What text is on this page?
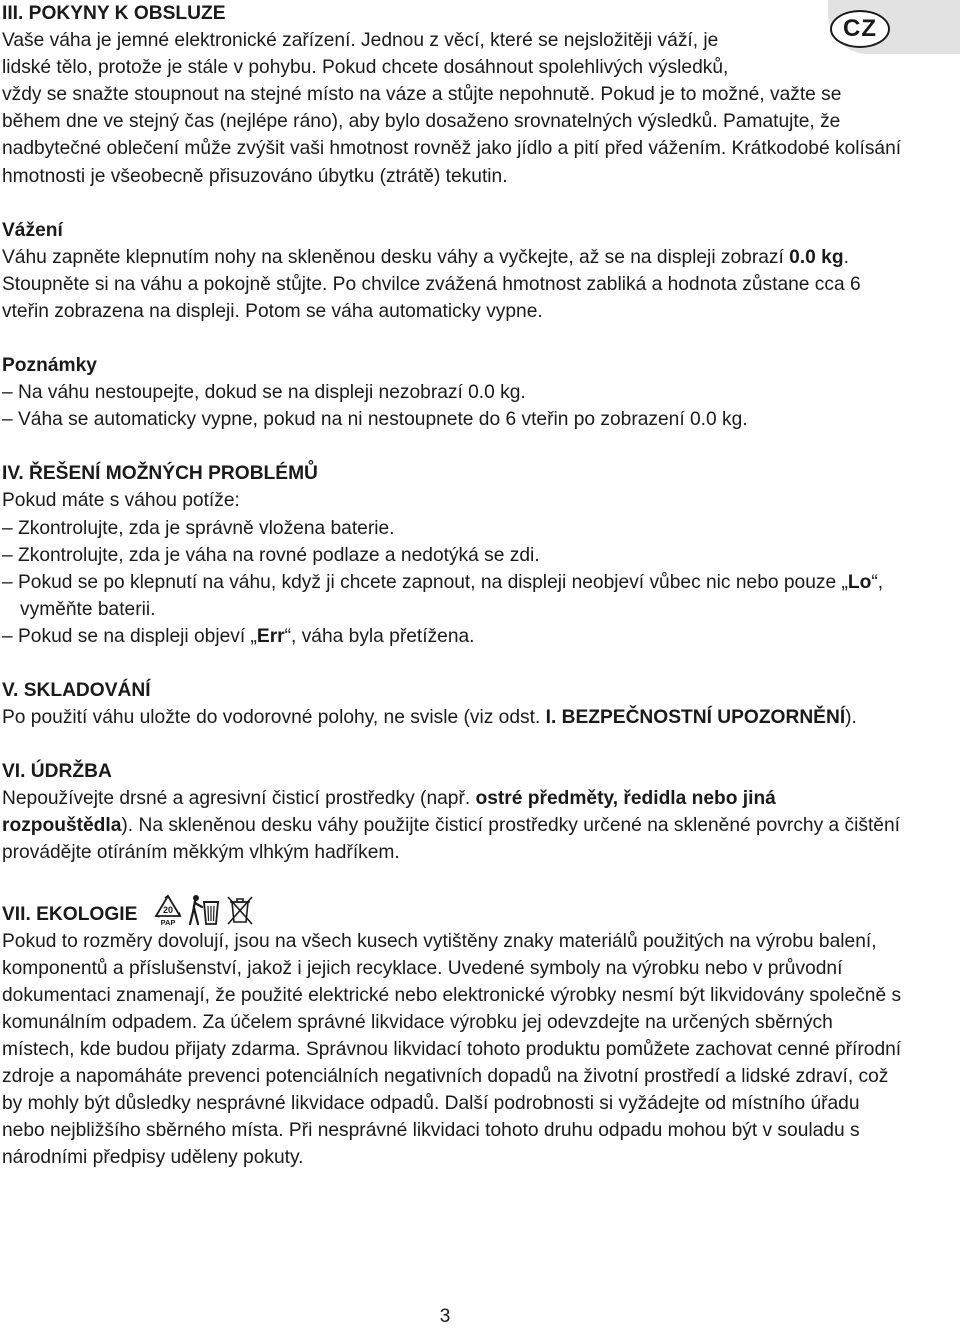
CZ
III. POKYNY K OBSLUZE
Vaše váha je jemné elektronické zařízení. Jednou z věcí, které se nejsložitěji váží, je
lidské tělo, protože je stále v pohybu. Pokud chcete dosáhnout spolehlivých výsledků,
vždy se snažte stoupnout na stejné místo na váze a stůjte nepohnutě. Pokud je to možné, važte se během dne ve stejný čas (nejlépe ráno), aby bylo dosaženo srovnatelných výsledků. Pamatujte, že nadbytečné oblečení může zvýšit vaši hmotnost rovněž jako jídlo a pití před vážením. Krátkodobé kolísání hmotnosti je všeobecně přisuzováno úbytku (ztrátě) tekutin.
Vážení
Váhu zapněte klepnutím nohy na skleněnou desku váhy a vyčkejte, až se na displeji zobrazí 0.0 kg.
Stoupněte si na váhu a pokojně stůjte. Po chvilce zvážená hmotnost zabliká a hodnota zůstane cca 6 vteřin zobrazena na displeji. Potom se váha automaticky vypne.
Poznámky
– Na váhu nestoupejte, dokud se na displeji nezobrazí 0.0 kg.
– Váha se automaticky vypne, pokud na ni nestoupnete do 6 vteřin po zobrazení 0.0 kg.
IV. ŘEŠENÍ MOŽNÝCH PROBLÉMŮ
Pokud máte s váhou potíže:
– Zkontrolujte, zda je správně vložena baterie.
– Zkontrolujte, zda je váha na rovné podlaze a nedotýká se zdi.
– Pokud se po klepnutí na váhu, když ji chcete zapnout, na displeji neobjeví vůbec nic nebo pouze „Lo“, vyměňte baterii.
– Pokud se na displeji objeví „Err“, váha byla přetížena.
V. SKLADOVÁNÍ
Po použití váhu uložte do vodorovné polohy, ne svisle (viz odst. I. BEZPEČNOSTNÍ UPOZORNĚNÍ).
VI. ÚDRŽBA
Nepoužívejte drsné a agresivní čisticí prostředky (např. ostré předměty, ředidla nebo jiná rozpouštědla). Na skleněnou desku váhy použijte čisticí prostředky určené na skleněné povrchy a čištění provádějte otíráním měkkým vlhkým hadříkem.
VII. EKOLOGIE	20
PAP
Pokud to rozměry dovolují, jsou na všech kusech vytištěny znaky materiálů použitých na výrobu balení, komponentů a příslušenství, jakož i jejich recyklace. Uvedené symboly na výrobku nebo v průvodní dokumentaci znamenají, že použité elektrické nebo elektronické výrobky nesmí být likvidovány společně s komunálním odpadem. Za účelem správné likvidace výrobku jej odevzdejte na určených sběrných místech, kde budou přijaty zdarma. Správnou likvidací tohoto produktu pomůžete zachovat cenné přírodní zdroje a napomáháte prevenci potenciálních negativních dopadů na životní prostředí a lidské zdraví, což by mohly být důsledky nesprávné likvidace odpadů. Další podrobnosti si vyžádejte od místního úřadu nebo nejbližšího sběrného místa. Při nesprávné likvidaci tohoto druhu odpadu mohou být v souladu s národními předpisy uděleny pokuty.
3
